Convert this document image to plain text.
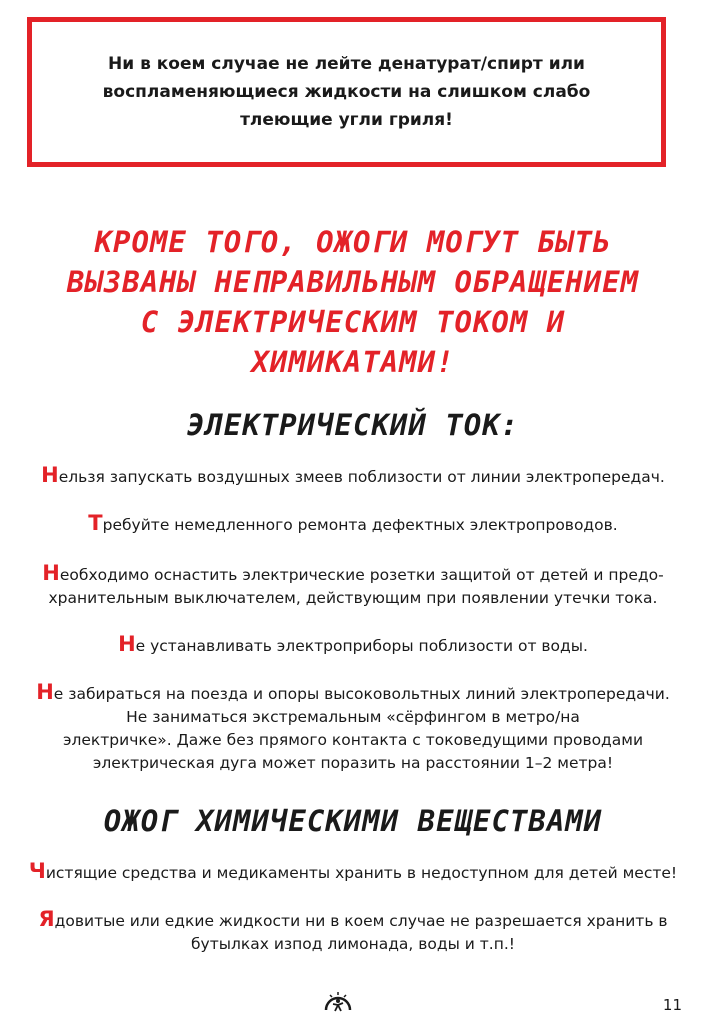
Ни в коем случае не лейте денатурат/спирт или
воспламеняющиеся жидкости на слишком слабо
тлеющие угли гриля!
КРОМЕ ТОГО, ОЖОГИ МОГУТ БЫТЬ
ВЫЗВАНЫ НЕПРАВИЛЬНЫМ ОБРАЩЕНИЕМ
С ЭЛЕКТРИЧЕСКИМ ТОКОМ И
ХИМИКАТАМИ!
ЭЛЕКТРИЧЕСКИЙ ТОК:
Нельзя запускать воздушных змеев поблизости от линии электропередач.
Требуйте немедленного ремонта дефектных электропроводов.
Необходимо оснастить электрические розетки защитой от детей и предо-
хранительным выключателем, действующим при появлении утечки тока.
Не устанавливать электроприборы поблизости от воды.
Не забираться на поезда и опоры высоковольтных линий электропередачи.
Не заниматься экстремальным «сёрфингом в метро/на
электричке». Даже без прямого контакта с токоведущими проводами
электрическая дуга может поразить на расстоянии 1–2 метра!
ОЖОГ ХИМИЧЕСКИМИ ВЕЩЕСТВАМИ
Чистящие средства и медикаменты хранить в недоступном для детей месте!
Ядовитые или едкие жидкости ни в коем случае не разрешается хранить в
бутылках изпод лимонада, воды и т.п.!
11
